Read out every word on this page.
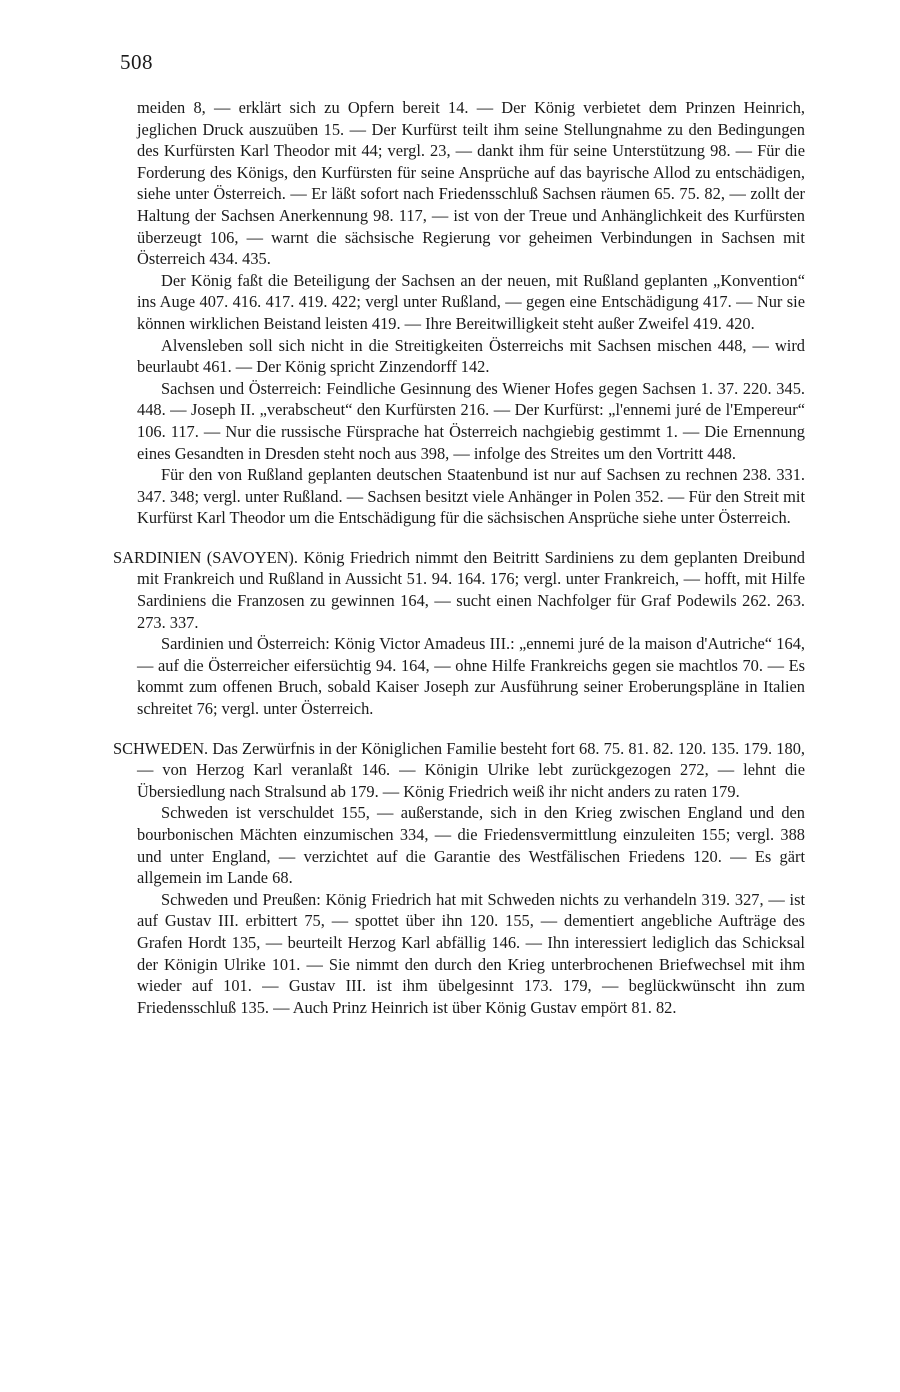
508

meiden 8, — erklärt sich zu Opfern bereit 14. — Der König verbietet dem Prinzen Heinrich, jeglichen Druck auszuüben 15. — Der Kurfürst teilt ihm seine Stellungnahme zu den Bedingungen des Kurfürsten Karl Theodor mit 44; vergl. 23, — dankt ihm für seine Unterstützung 98. — Für die Forderung des Königs, den Kurfürsten für seine Ansprüche auf das bayrische Allod zu entschädigen, siehe unter Österreich. — Er läßt sofort nach Friedensschluß Sachsen räumen 65. 75. 82, — zollt der Haltung der Sachsen Anerkennung 98. 117, — ist von der Treue und Anhänglichkeit des Kurfürsten überzeugt 106, — warnt die sächsische Regierung vor geheimen Verbindungen in Sachsen mit Österreich 434. 435.

Der König faßt die Beteiligung der Sachsen an der neuen, mit Rußland geplanten „Konvention“ ins Auge 407. 416. 417. 419. 422; vergl unter Rußland, — gegen eine Entschädigung 417. — Nur sie können wirklichen Beistand leisten 419. — Ihre Bereitwilligkeit steht außer Zweifel 419. 420.

Alvensleben soll sich nicht in die Streitigkeiten Österreichs mit Sachsen mischen 448, — wird beurlaubt 461. — Der König spricht Zinzendorff 142.

Sachsen und Österreich: Feindliche Gesinnung des Wiener Hofes gegen Sachsen 1. 37. 220. 345. 448. — Joseph II. „verabscheut“ den Kurfürsten 216. — Der Kurfürst: „l'ennemi juré de l'Empereur“ 106. 117. — Nur die russische Fürsprache hat Österreich nachgiebig gestimmt 1. — Die Ernennung eines Gesandten in Dresden steht noch aus 398, — infolge des Streites um den Vortritt 448.

Für den von Rußland geplanten deutschen Staatenbund ist nur auf Sachsen zu rechnen 238. 331. 347. 348; vergl. unter Rußland. — Sachsen besitzt viele Anhänger in Polen 352. — Für den Streit mit Kurfürst Karl Theodor um die Entschädigung für die sächsischen Ansprüche siehe unter Österreich.

SARDINIEN (SAVOYEN). König Friedrich nimmt den Beitritt Sardiniens zu dem geplanten Dreibund mit Frankreich und Rußland in Aussicht 51. 94. 164. 176; vergl. unter Frankreich, — hofft, mit Hilfe Sardiniens die Franzosen zu gewinnen 164, — sucht einen Nachfolger für Graf Podewils 262. 263. 273. 337.

Sardinien und Österreich: König Victor Amadeus III.: „ennemi juré de la maison d'Autriche“ 164, — auf die Österreicher eifersüchtig 94. 164, — ohne Hilfe Frankreichs gegen sie machtlos 70. — Es kommt zum offenen Bruch, sobald Kaiser Joseph zur Ausführung seiner Eroberungspläne in Italien schreitet 76; vergl. unter Österreich.

SCHWEDEN. Das Zerwürfnis in der Königlichen Familie besteht fort 68. 75. 81. 82. 120. 135. 179. 180, — von Herzog Karl veranlaßt 146. — Königin Ulrike lebt zurückgezogen 272, — lehnt die Übersiedlung nach Stralsund ab 179. — König Friedrich weiß ihr nicht anders zu raten 179.

Schweden ist verschuldet 155, — außerstande, sich in den Krieg zwischen England und den bourbonischen Mächten einzumischen 334, — die Friedensvermittlung einzuleiten 155; vergl. 388 und unter England, — verzichtet auf die Garantie des Westfälischen Friedens 120. — Es gärt allgemein im Lande 68.

Schweden und Preußen: König Friedrich hat mit Schweden nichts zu verhandeln 319. 327, — ist auf Gustav III. erbittert 75, — spottet über ihn 120. 155, — dementiert angebliche Aufträge des Grafen Hordt 135, — beurteilt Herzog Karl abfällig 146. — Ihn interessiert lediglich das Schicksal der Königin Ulrike 101. — Sie nimmt den durch den Krieg unterbrochenen Briefwechsel mit ihm wieder auf 101. — Gustav III. ist ihm übelgesinnt 173. 179, — beglückwünscht ihn zum Friedensschluß 135. — Auch Prinz Heinrich ist über König Gustav empört 81. 82.
